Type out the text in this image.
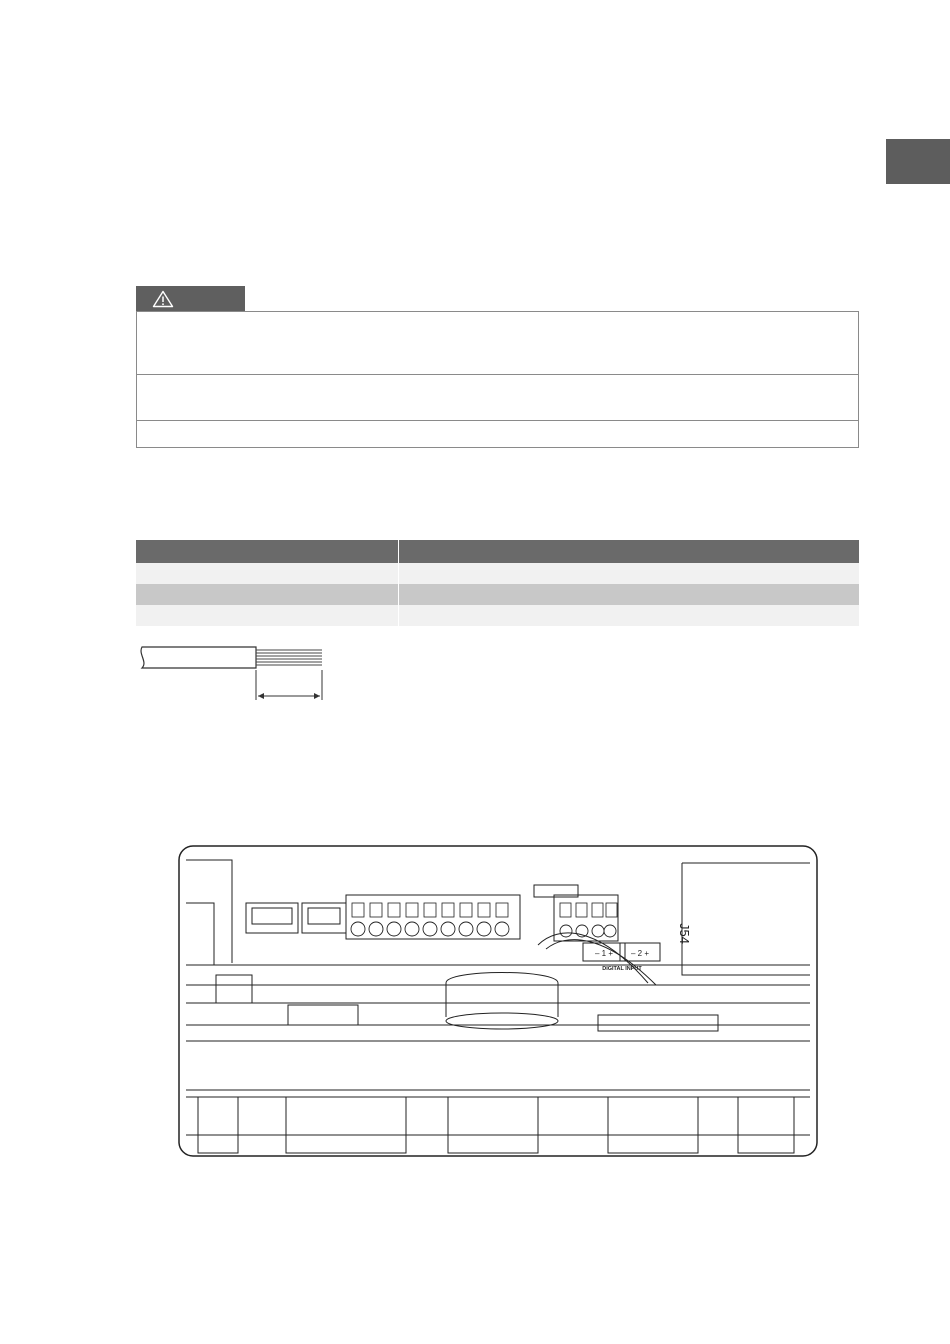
J54
– 1 + – 2 +
DIGITAL INPUT
